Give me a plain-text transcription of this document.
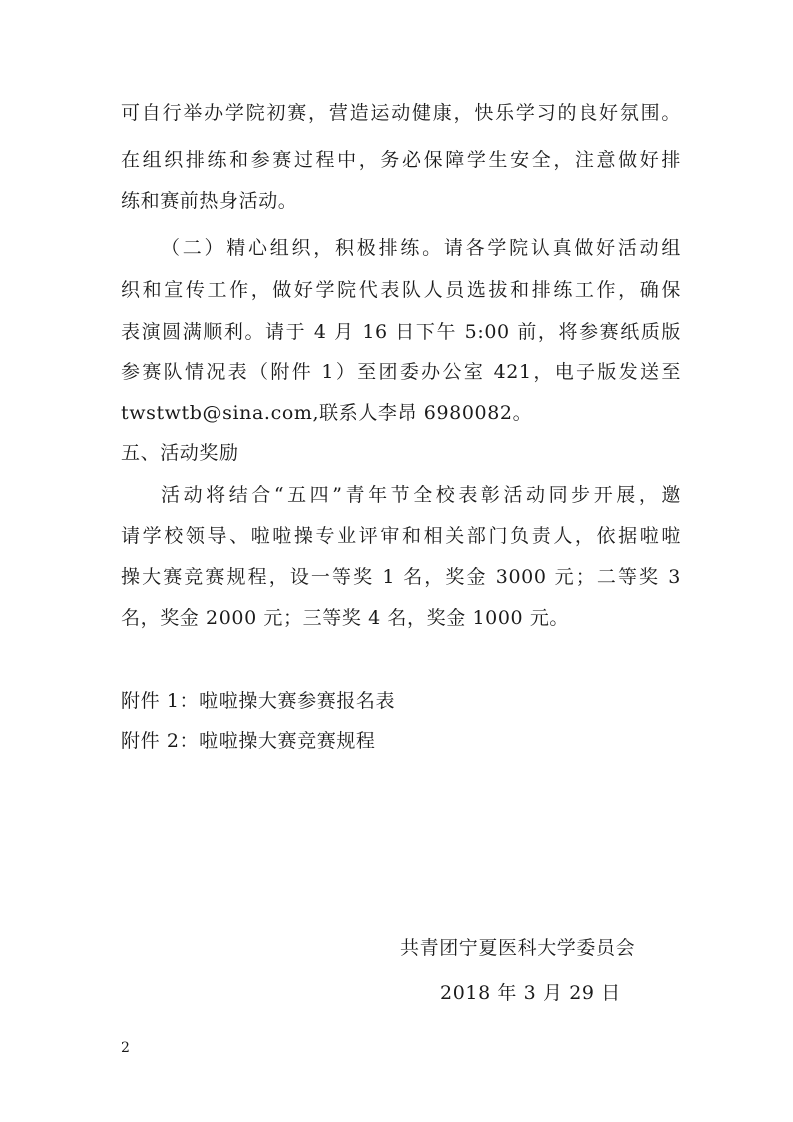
可自行举办学院初赛，营造运动健康，快乐学习的良好氛围。
在组织排练和参赛过程中，务必保障学生安全，注意做好排
练和赛前热身活动。
（二）精心组织，积极排练。请各学院认真做好活动组
织和宣传工作，做好学院代表队人员选拔和排练工作，确保
表演圆满顺利。请于 4 月 16 日下午 5:00 前，将参赛纸质版
参赛队情况表（附件 1）至团委办公室 421，电子版发送至
twstwtb@sina.com,联系人李昂 6980082。
五、活动奖励
活动将结合“五四”青年节全校表彰活动同步开展，邀
请学校领导、啦啦操专业评审和相关部门负责人，依据啦啦
操大赛竞赛规程，设一等奖 1 名，奖金 3000 元；二等奖 3
名，奖金 2000 元；三等奖 4 名，奖金 1000 元。
附件 1：啦啦操大赛参赛报名表
附件 2：啦啦操大赛竞赛规程
共青团宁夏医科大学委员会
2018 年 3 月 29 日
2
